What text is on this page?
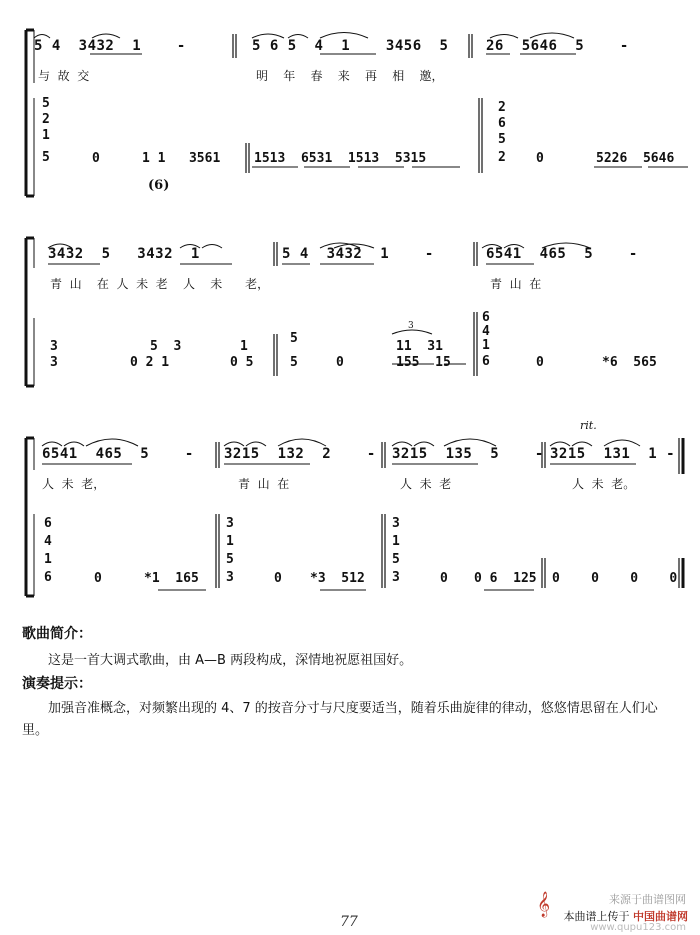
5 4  3432  1    -	5 6 5  4  1    3456  5	26  5646  5    -
与  故  交	明    年    春    来    再    相    邀，
5
2
1
5
2
6
5
2
0	1 1   3561	1513  6531  1513  5315	0	5226  5646
(6)
3432  5   3432  1	5 4  3432  1    -	6541  465  5    -
青  山    在  人  未  老    人    未      老，	青  山  在
3
6
4
1
6
3	5  3	1
5
11  31
3	0 2 1	0 5	5	0	155  15	0	*6  565
rit.
6541  465  5    - 3215  132  2    - 3215  135  5    - 3215  131  1 -
人  未  老，	青  山  在	人  未  老	人  未  老。
6
4
1
6
3
1
5
3
3
1
5
3
0	*1  165	0 *3  512	0 0 6  125 0    0    0    0
歌曲简介：
这是一首大调式歌曲，由 A—B 两段构成，深情地祝愿祖国好。
演奏提示：
加强音准概念，对频繁出现的 4、7 的按音分寸与尺度要适当，随着乐曲旋律的律动，悠悠情思留在人们心里。
77
来源于曲谱图网
𝄞 本曲谱上传于 中国曲谱网
www.qupu123.com
